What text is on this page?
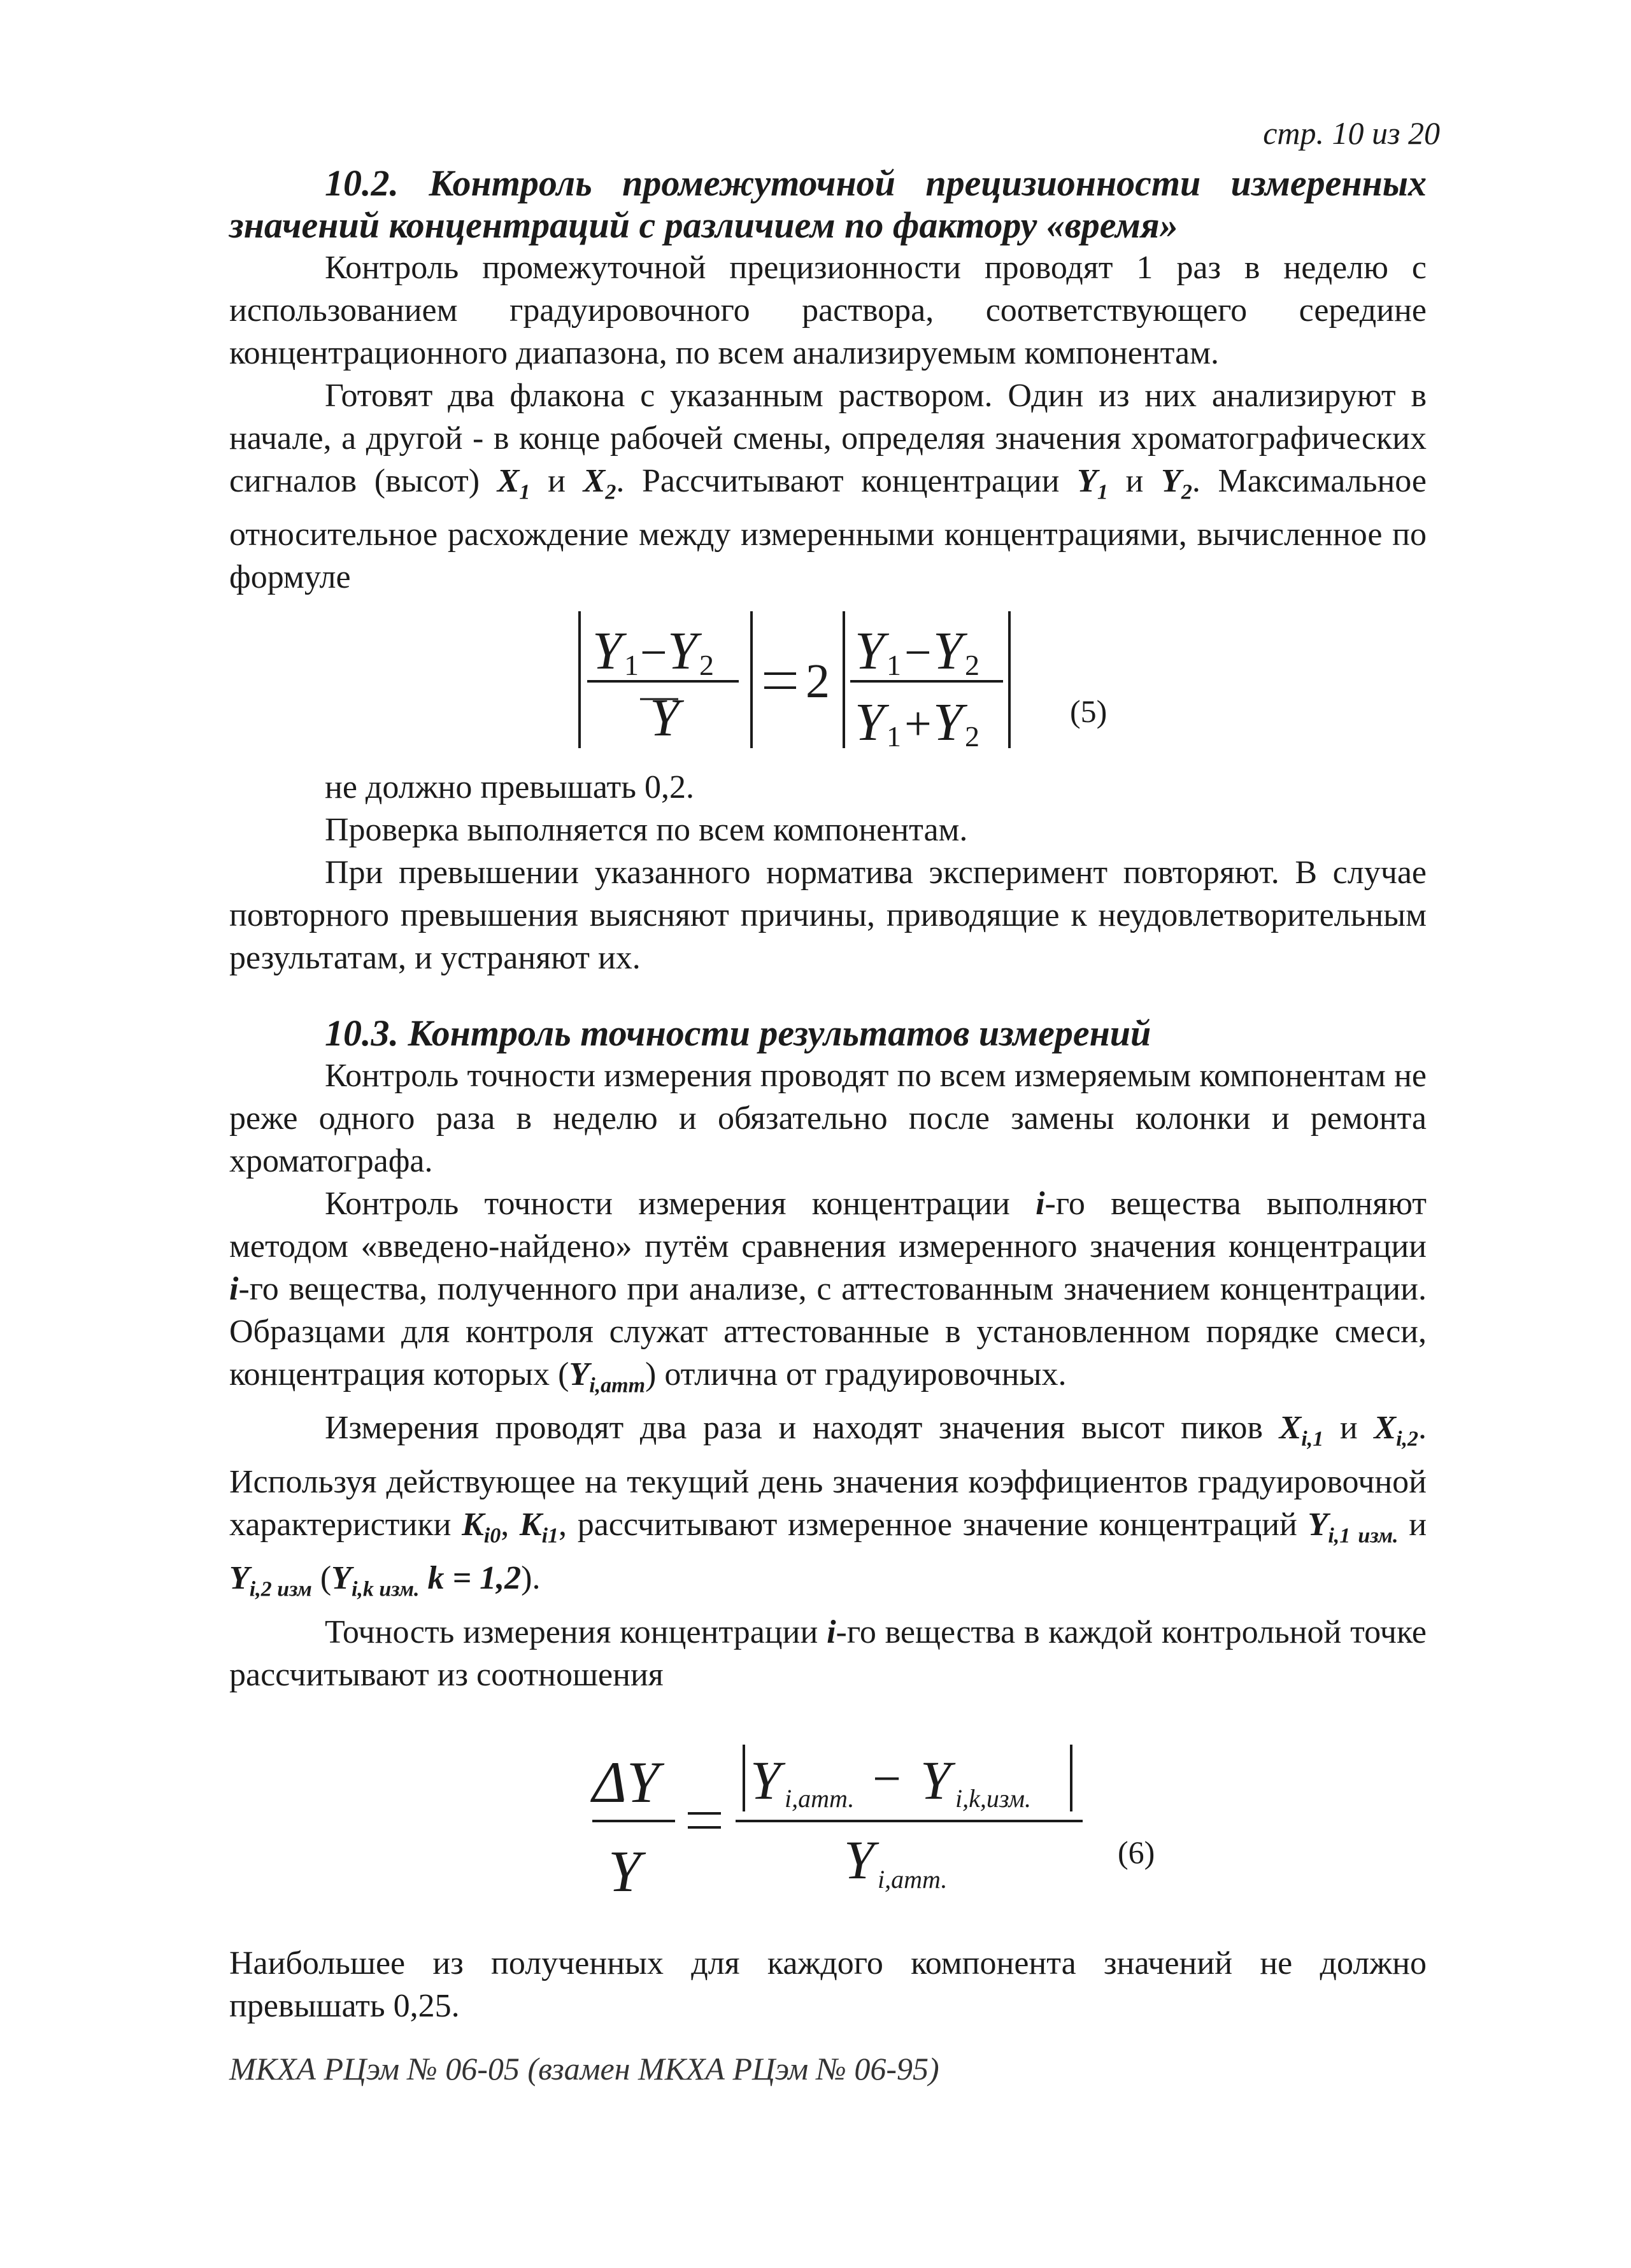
стр. 10 из 20

10.2. Контроль промежуточной прецизионности измеренных значений концентраций с различием по фактору «время»

Контроль промежуточной прецизионности проводят 1 раз в неделю с использованием градуировочного раствора, соответствующего середине концентрационного диапазона, по всем анализируемым компонентам.

Готовят два флакона с указанным раствором. Один из них анализируют в начале, а другой - в конце рабочей смены, определяя значения хроматографических сигналов (высот) $X_1$ и $X_2$. Рассчитывают концентрации $Y_1$ и $Y_2$. Максимальное относительное расхождение между измеренными концентрациями, вычисленное по формуле

Y Y
Y
Y Y
Y Y
1 2	1 2
1 2
−	−
+
2
(5)

не должно превышать 0,2.

Проверка выполняется по всем компонентам.

При превышении указанного норматива эксперимент повторяют. В случае повторного превышения выясняют причины, приводящие к неудовлетворительным результатам, и устраняют их.

10.3. Контроль точности результатов измерений

Контроль точности измерения проводят по всем измеряемым компонентам не реже одного раза в неделю и обязательно после замены колонки и ремонта хроматографа.

Контроль точности измерения концентрации i-го вещества выполняют методом «введено-найдено» путём сравнения измеренного значения концентрации i-го вещества, полученного при анализе, с аттестованным значением концентрации. Образцами для контроля служат аттестованные в установленном порядке смеси, концентрация которых $(Y_{i,атт})$ отлична от градуировочных.

Измерения проводят два раза и находят значения высот пиков $X_{i,1}$ и $X_{i,2}$. Используя действующее на текущий день значения коэффициентов градуировочной характеристики $K_{i0}$, $K_{i1}$, рассчитывают измеренное значение концентраций $Y_{i,1 изм.}$ и $Y_{i,2 изм}$ ($Y_{i,k изм.}$ k = 1,2).

Точность измерения концентрации i-го вещества в каждой контрольной точке рассчитывают из соотношения

ΔY
Y
Y	Y
Y
i,атт.	i,k,изм.
i,атт.
−
(6)

Наибольшее из полученных для каждого компонента значений не должно превышать 0,25.

МКХА РЦэм № 06-05 (взамен МКХА РЦэм № 06-95)
